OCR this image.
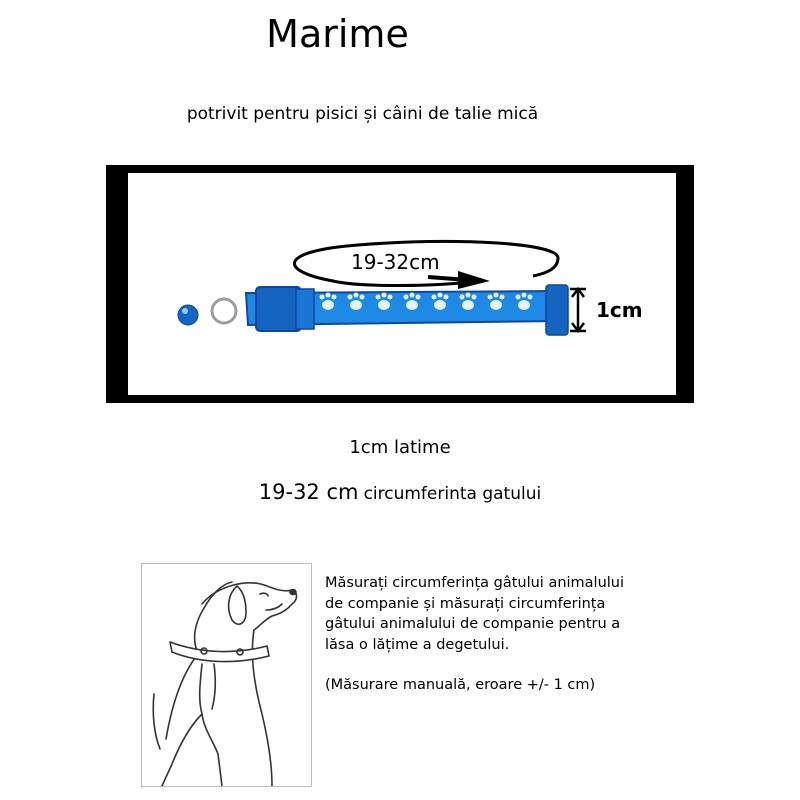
Marime
potrivit pentru pisici și câini de talie mică
19-32cm
1cm
1cm latime
19-32 cm circumferinta gatului

Măsurați circumferința gâtului animalului de companie și măsurați circumferința gâtului animalului de companie pentru a lăsa o lățime a degetului.

(Măsurare manuală, eroare +/- 1 cm)
